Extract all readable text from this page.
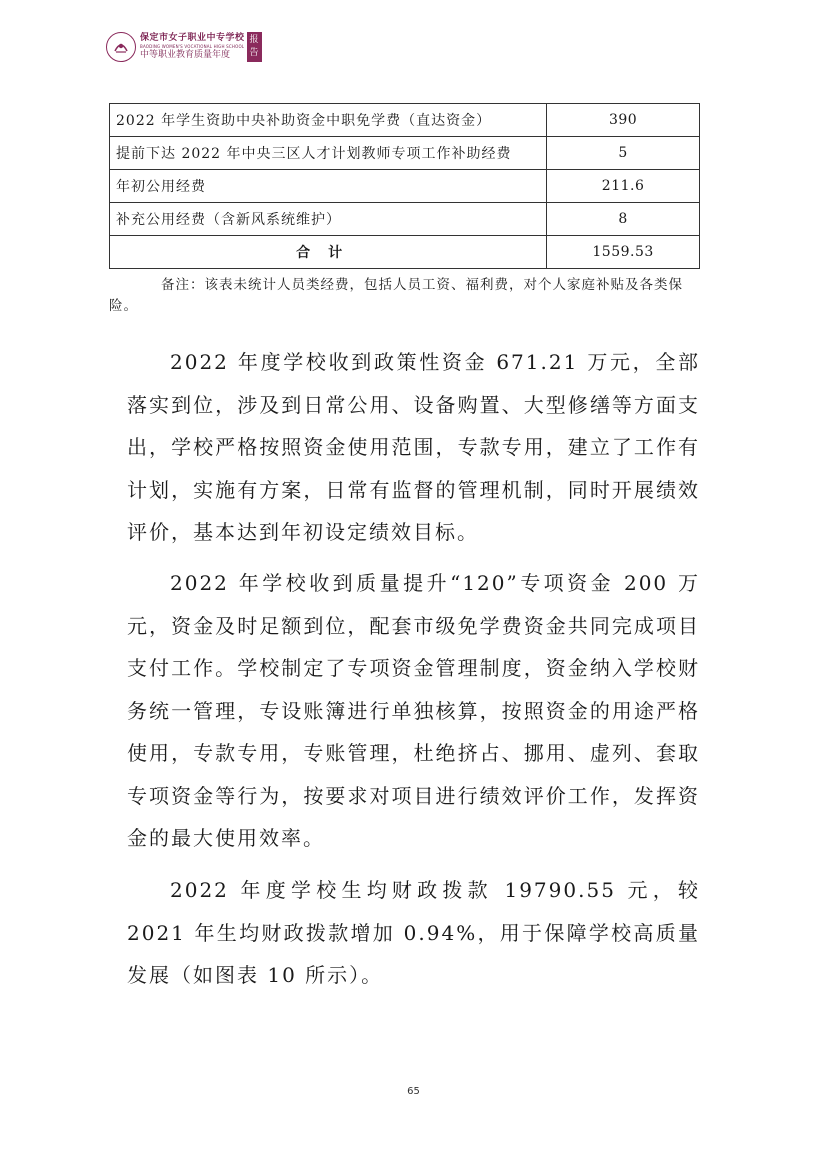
保定市女子职业中专学校
BAODING WOMEN'S VOCATIONAL HIGH SCHOOL
中等职业教育质量年度
报告
2022 年学生资助中央补助资金中职免学费（直达资金）	390
提前下达 2022 年中央三区人才计划教师专项工作补助经费	5
年初公用经费	211.6
补充公用经费（含新风系统维护）	8
合计	1559.53

备注：该表未统计人员类经费，包括人员工资、福利费，对个人家庭补贴及各类保险。

2022 年度学校收到政策性资金 671.21 万元，全部落实到位，涉及到日常公用、设备购置、大型修缮等方面支出，学校严格按照资金使用范围，专款专用，建立了工作有计划，实施有方案，日常有监督的管理机制，同时开展绩效评价，基本达到年初设定绩效目标。

2022 年学校收到质量提升“120”专项资金 200 万元，资金及时足额到位，配套市级免学费资金共同完成项目支付工作。学校制定了专项资金管理制度，资金纳入学校财务统一管理，专设账簿进行单独核算，按照资金的用途严格使用，专款专用，专账管理，杜绝挤占、挪用、虚列、套取专项资金等行为，按要求对项目进行绩效评价工作，发挥资金的最大使用效率。

2022 年度学校生均财政拨款 19790.55 元，较 2021 年生均财政拨款增加 0.94%，用于保障学校高质量发展（如图表 10 所示）。

65
